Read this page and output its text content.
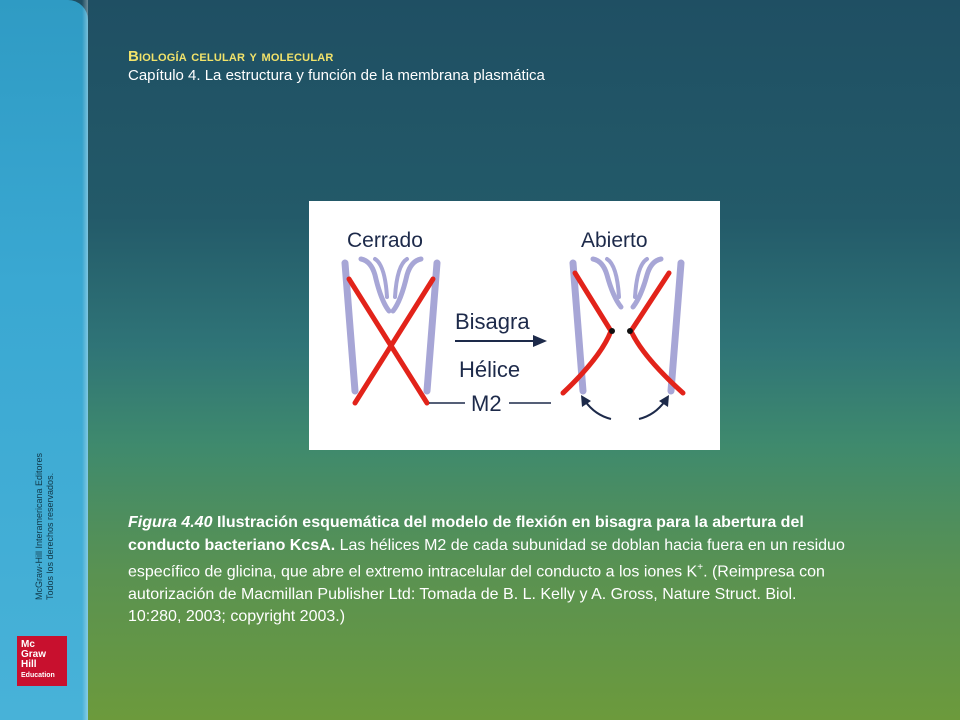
McGraw-Hill Interamericana Editores Todos los derechos reservados.
Mc
Graw
Hill
Education
Biología celular y molecular
Capítulo 4. La estructura y función de la membrana plasmática
Cerrado
Bisagra
Hélice
M2
Abierto
Figura 4.40 Ilustración esquemática del modelo de flexión en bisagra para la abertura del conducto bacteriano KcsA. Las hélices M2 de cada subunidad se doblan hacia fuera en un residuo específico de glicina, que abre el extremo intracelular del conducto a los iones K+. (Reimpresa con autorización de Macmillan Publisher Ltd: Tomada de B. L. Kelly y A. Gross, Nature Struct. Biol. 10:280, 2003; copyright 2003.)
